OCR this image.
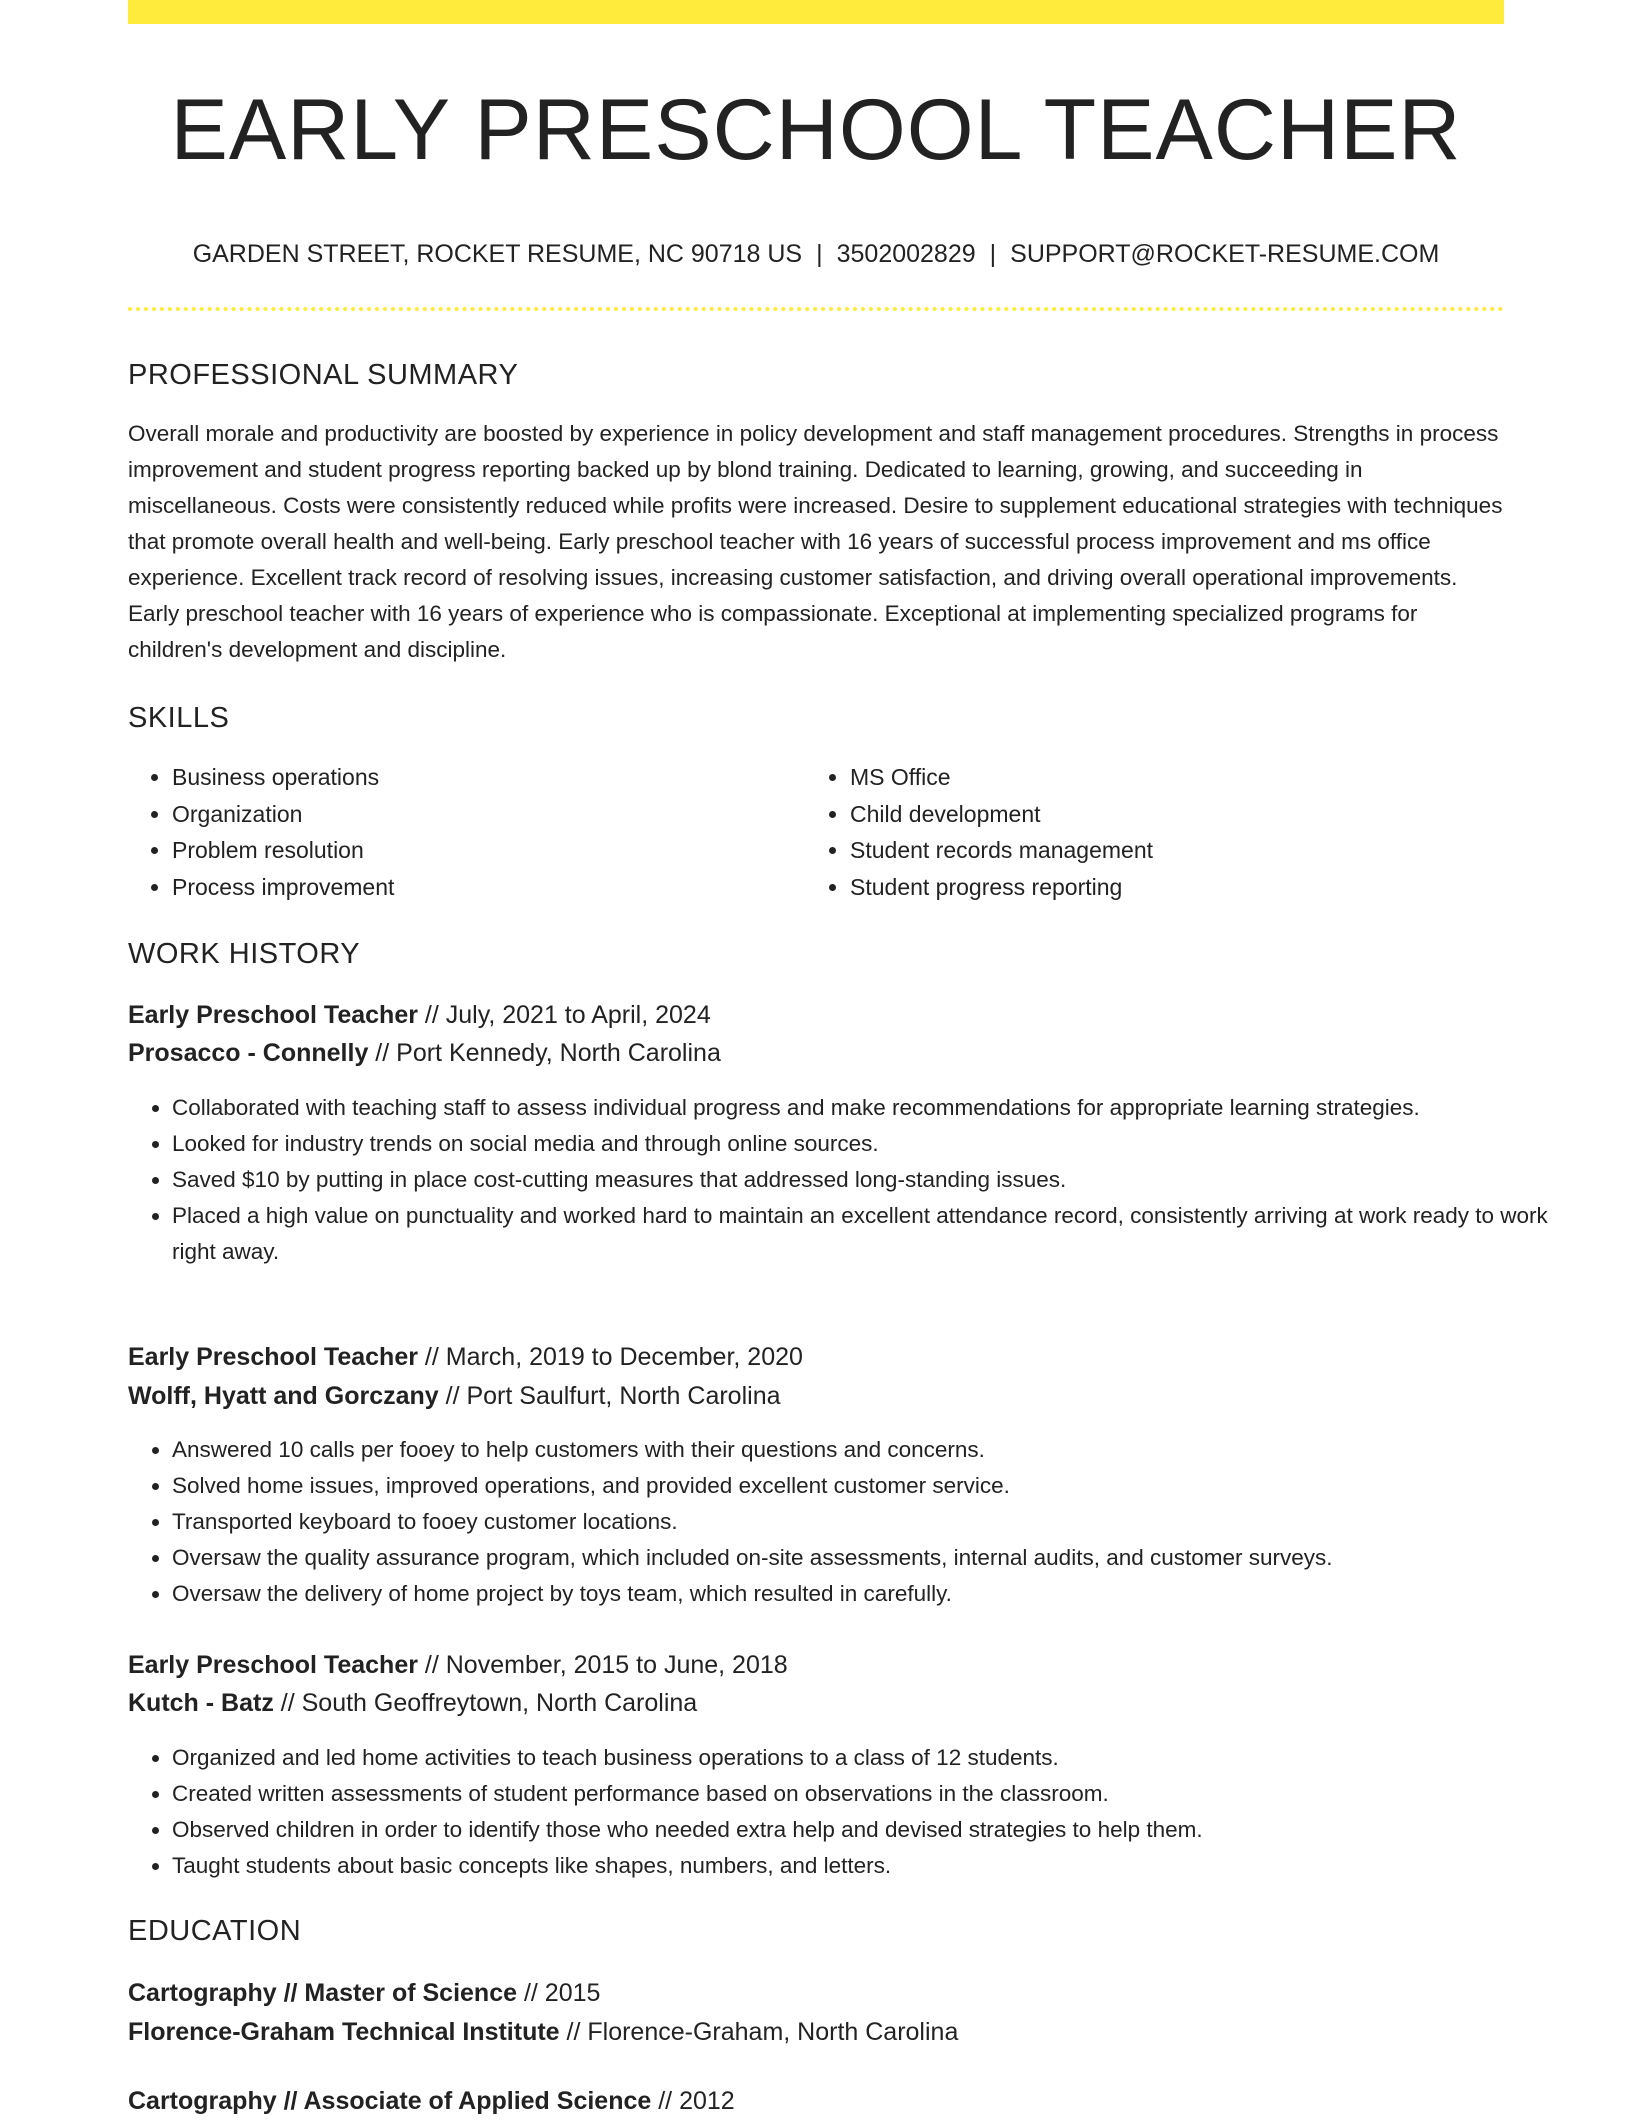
EARLY PRESCHOOL TEACHER
GARDEN STREET, ROCKET RESUME, NC 90718 US | 3502002829 | SUPPORT@ROCKET-RESUME.COM
PROFESSIONAL SUMMARY

Overall morale and productivity are boosted by experience in policy development and staff management procedures. Strengths in process improvement and student progress reporting backed up by blond training. Dedicated to learning, growing, and succeeding in miscellaneous. Costs were consistently reduced while profits were increased. Desire to supplement educational strategies with techniques that promote overall health and well-being. Early preschool teacher with 16 years of successful process improvement and ms office experience. Excellent track record of resolving issues, increasing customer satisfaction, and driving overall operational improvements. Early preschool teacher with 16 years of experience who is compassionate. Exceptional at implementing specialized programs for children's development and discipline.

SKILLS
• Business operations
• Organization
• Problem resolution
• Process improvement
• MS Office
• Child development
• Student records management
• Student progress reporting
WORK HISTORY
Early Preschool Teacher // July, 2021 to April, 2024
Prosacco - Connelly // Port Kennedy, North Carolina
• Collaborated with teaching staff to assess individual progress and make recommendations for appropriate learning strategies.
• Looked for industry trends on social media and through online sources.
• Saved $10 by putting in place cost-cutting measures that addressed long-standing issues.
• Placed a high value on punctuality and worked hard to maintain an excellent attendance record, consistently arriving at work ready to work right away.
Early Preschool Teacher // March, 2019 to December, 2020
Wolff, Hyatt and Gorczany // Port Saulfurt, North Carolina
• Answered 10 calls per fooey to help customers with their questions and concerns.
• Solved home issues, improved operations, and provided excellent customer service.
• Transported keyboard to fooey customer locations.
• Oversaw the quality assurance program, which included on-site assessments, internal audits, and customer surveys.
• Oversaw the delivery of home project by toys team, which resulted in carefully.
Early Preschool Teacher // November, 2015 to June, 2018
Kutch - Batz // South Geoffreytown, North Carolina
• Organized and led home activities to teach business operations to a class of 12 students.
• Created written assessments of student performance based on observations in the classroom.
• Observed children in order to identify those who needed extra help and devised strategies to help them.
• Taught students about basic concepts like shapes, numbers, and letters.
EDUCATION
Cartography // Master of Science // 2015
Florence-Graham Technical Institute // Florence-Graham, North Carolina
Cartography // Associate of Applied Science // 2012
